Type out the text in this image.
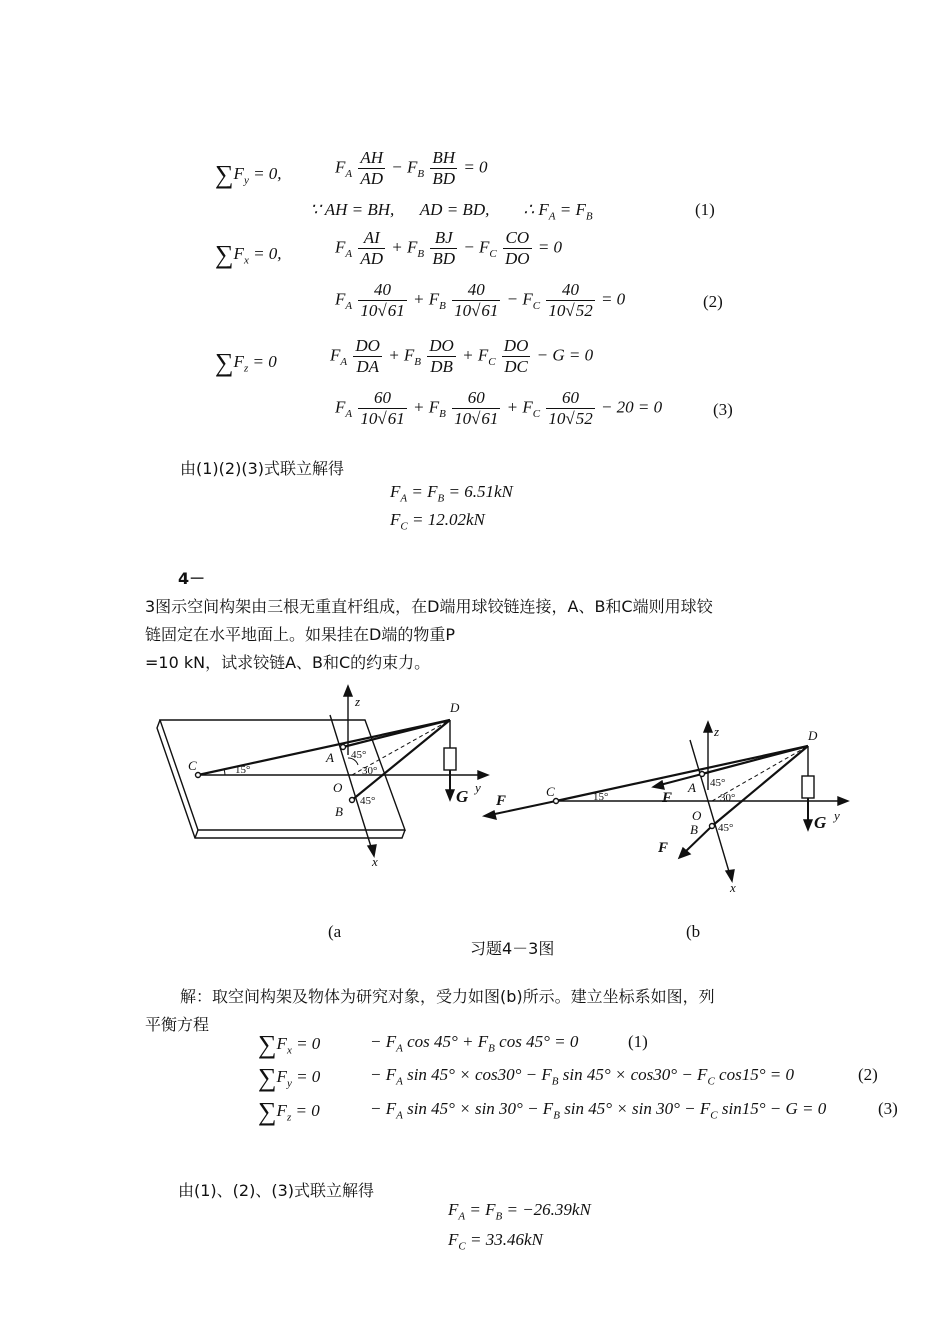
$\sum F_y = 0$,	$F_A \frac{AH}{AD} - F_B \frac{BH}{BD} = 0$
∵ AH = BH,      AD = BD,        ∴ $F_A = F_B$	(1)
$\sum F_x = 0$,	$F_A \frac{AI}{AD} + F_B \frac{BJ}{BD} - F_C \frac{CO}{DO} = 0$
$F_A \frac{40}{10√61} + F_B \frac{40}{10√61} - F_C \frac{40}{10√52} = 0$	(2)
$\sum F_z = 0$	$F_A \frac{DO}{DA} + F_B \frac{DO}{DB} + F_C \frac{DO}{DC} - G = 0$
$F_A \frac{60}{10√61} + F_B \frac{60}{10√61} + F_C \frac{60}{10√52} - 20 = 0$	(3)
由(1)(2)(3)式联立解得
$F_A = F_B = 6.51kN$
$F_C = 12.02kN$
4－
3图示空间构架由三根无重直杆组成，在D端用球铰链连接，A、B和C端则用球铰
链固定在水平地面上。如果挂在D端的物重P
=10 kN，试求铰链A、B和C的约束力。
C	15°
A 45°
30°
O
B
45°
z
y
x
D
G	C	15°
A 45°
30°
O
B 45°
z
y
x
D
G
F	F
F
(a	(b
习题4－3图
解：取空间构架及物体为研究对象，受力如图(b)所示。建立坐标系如图，列
平衡方程
$\sum F_x = 0$	− $F_A$ $\cos 45^\circ + F_B$ cos 45° = 0	(1)
$\sum F_y = 0$	− $F_A$ $\sin 45^\circ \times \cos 30^\circ - F_B$ $\sin 45^\circ \times \cos 30^\circ - F_C$ cos15° = 0	(2)
$\sum F_z = 0$	− $F_A$ $\sin 45^\circ \times \sin 30^\circ - F_B$ $\sin 45^\circ \times \sin 30^\circ - F_C$ sin15° − G = 0	(3)
由(1)、(2)、(3)式联立解得
$F_A = F_B = -26.39kN$
$F_C = 33.46kN$
